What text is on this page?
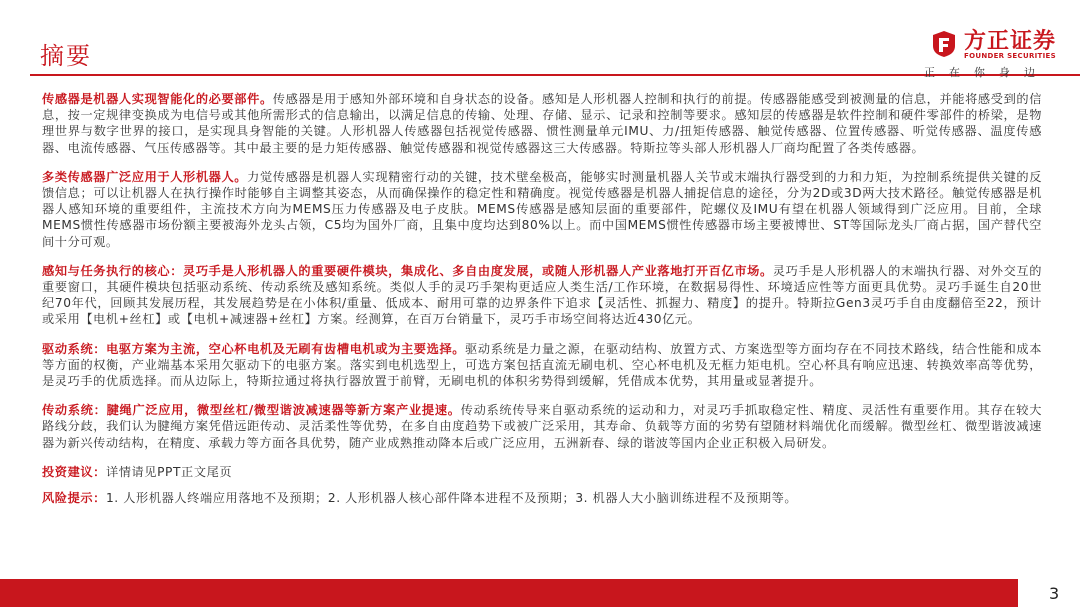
摘要
方正证券
FOUNDER SECURITIES
正在你身边

传感器是机器人实现智能化的必要部件。传感器是用于感知外部环境和自身状态的设备。感知是人形机器人控制和执行的前提。传感器能感受到被测量的信息，并能将感受到的信息，按一定规律变换成为电信号或其他所需形式的信息输出，以满足信息的传输、处理、存储、显示、记录和控制等要求。感知层的传感器是软件控制和硬件零部件的桥梁，是物理世界与数字世界的接口，是实现具身智能的关键。人形机器人传感器包括视觉传感器、惯性测量单元IMU、力/扭矩传感器、触觉传感器、位置传感器、听觉传感器、温度传感器、电流传感器、气压传感器等。其中最主要的是力矩传感器、触觉传感器和视觉传感器这三大传感器。特斯拉等头部人形机器人厂商均配置了各类传感器。

多类传感器广泛应用于人形机器人。力觉传感器是机器人实现精密行动的关键，技术壁垒极高，能够实时测量机器人关节或末端执行器受到的力和力矩，为控制系统提供关键的反馈信息；可以让机器人在执行操作时能够自主调整其姿态，从而确保操作的稳定性和精确度。视觉传感器是机器人捕捉信息的途径，分为2D或3D两大技术路径。触觉传感器是机器人感知环境的重要组件，主流技术方向为MEMS压力传感器及电子皮肤。MEMS传感器是感知层面的重要部件，陀螺仪及IMU有望在机器人领域得到广泛应用。目前，全球MEMS惯性传感器市场份额主要被海外龙头占领，C5均为国外厂商，且集中度均达到80%以上。而中国MEMS惯性传感器市场主要被博世、ST等国际龙头厂商占据，国产替代空间十分可观。

感知与任务执行的核心：灵巧手是人形机器人的重要硬件模块，集成化、多自由度发展，或随人形机器人产业落地打开百亿市场。灵巧手是人形机器人的末端执行器、对外交互的重要窗口，其硬件模块包括驱动系统、传动系统及感知系统。类似人手的灵巧手架构更适应人类生活/工作环境，在数据易得性、环境适应性等方面更具优势。灵巧手诞生自20世纪70年代，回顾其发展历程，其发展趋势是在小体积/重量、低成本、耐用可靠的边界条件下追求【灵活性、抓握力、精度】的提升。特斯拉Gen3灵巧手自由度翻倍至22，预计或采用【电机+丝杠】或【电机+减速器+丝杠】方案。经测算，在百万台销量下，灵巧手市场空间将达近430亿元。

驱动系统：电驱方案为主流，空心杯电机及无刷有齿槽电机或为主要选择。驱动系统是力量之源，在驱动结构、放置方式、方案选型等方面均存在不同技术路线，结合性能和成本等方面的权衡，产业端基本采用欠驱动下的电驱方案。落实到电机选型上，可选方案包括直流无刷电机、空心杯电机及无框力矩电机。空心杯具有响应迅速、转换效率高等优势，是灵巧手的优质选择。而从边际上，特斯拉通过将执行器放置于前臂，无刷电机的体积劣势得到缓解，凭借成本优势，其用量或显著提升。

传动系统：腱绳广泛应用，微型丝杠/微型谐波减速器等新方案产业提速。传动系统传导来自驱动系统的运动和力，对灵巧手抓取稳定性、精度、灵活性有重要作用。其存在较大路线分歧，我们认为腱绳方案凭借远距传动、灵活柔性等优势，在多自由度趋势下或被广泛采用，其寿命、负载等方面的劣势有望随材料端优化而缓解。微型丝杠、微型谐波减速器为新兴传动结构，在精度、承载力等方面各具优势，随产业成熟推动降本后或广泛应用，五洲新春、绿的谐波等国内企业正积极入局研发。

投资建议：详情请见PPT正文尾页

风险提示：1. 人形机器人终端应用落地不及预期；2. 人形机器人核心部件降本进程不及预期；3. 机器人大小脑训练进程不及预期等。

3
